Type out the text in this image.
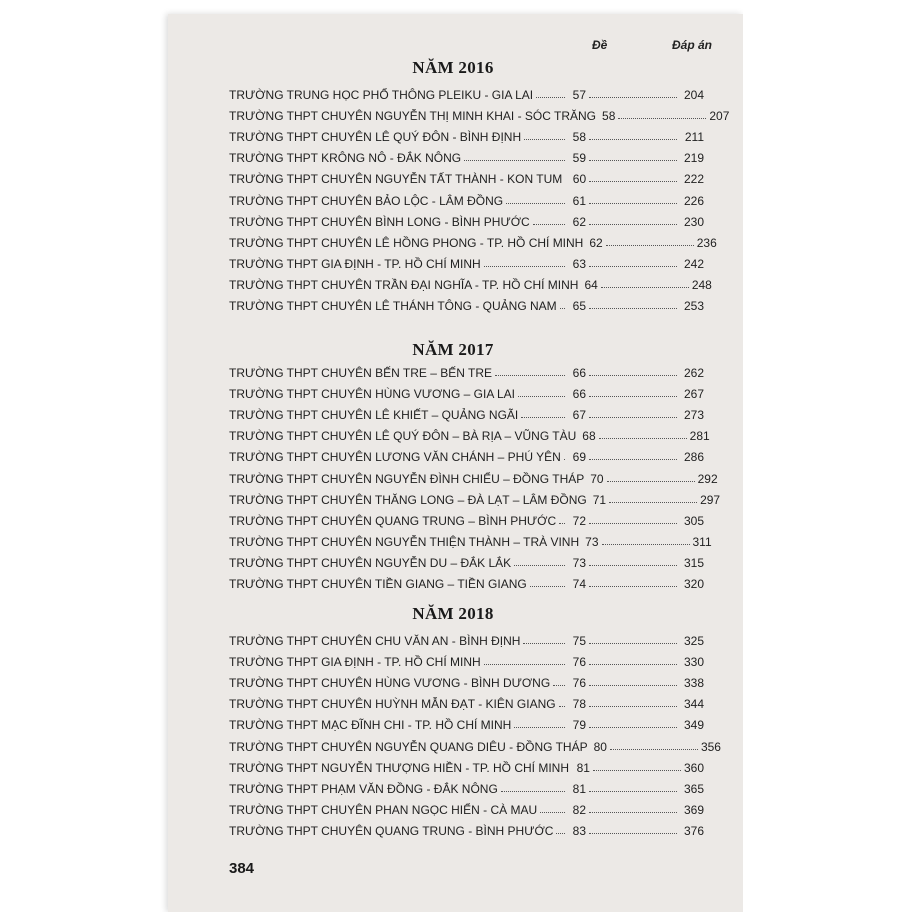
Đề	Đáp án
NĂM 2016
TRƯỜNG TRUNG HỌC PHỔ THÔNG PLEIKU - GIA LAI	57	204
TRƯỜNG THPT CHUYÊN NGUYỄN THỊ MINH KHAI - SÓC TRĂNG 58	207
TRƯỜNG THPT CHUYÊN LÊ QUÝ ĐÔN - BÌNH ĐỊNH	58	211
TRƯỜNG THPT KRÔNG NÔ - ĐẮK NÔNG	59	219
TRƯỜNG THPT CHUYÊN NGUYỄN TẤT THÀNH - KON TUM 60	222
TRƯỜNG THPT CHUYÊN BẢO LỘC - LÂM ĐỒNG	61	226
TRƯỜNG THPT CHUYÊN BÌNH LONG - BÌNH PHƯỚC	62	230
TRƯỜNG THPT CHUYÊN LÊ HỒNG PHONG - TP. HỒ CHÍ MINH 62	236
TRƯỜNG THPT GIA ĐỊNH - TP. HỒ CHÍ MINH	63	242
TRƯỜNG THPT CHUYÊN TRẦN ĐẠI NGHĨA - TP. HỒ CHÍ MINH 64	248
TRƯỜNG THPT CHUYÊN LÊ THÁNH TÔNG - QUẢNG NAM	65	253
NĂM 2017
TRƯỜNG THPT CHUYÊN BẾN TRE – BẾN TRE	66	262
TRƯỜNG THPT CHUYÊN HÙNG VƯƠNG – GIA LAI	66	267
TRƯỜNG THPT CHUYÊN LÊ KHIẾT – QUẢNG NGÃI	67	273
TRƯỜNG THPT CHUYÊN LÊ QUÝ ĐÔN – BÀ RỊA – VŨNG TÀU 68	281
TRƯỜNG THPT CHUYÊN LƯƠNG VĂN CHÁNH – PHÚ YÊN 69	286
TRƯỜNG THPT CHUYÊN NGUYỄN ĐÌNH CHIỂU – ĐỒNG THÁP 70	292
TRƯỜNG THPT CHUYÊN THĂNG LONG – ĐÀ LẠT – LÂM ĐỒNG 71	297
TRƯỜNG THPT CHUYÊN QUANG TRUNG – BÌNH PHƯỚC	72	305
TRƯỜNG THPT CHUYÊN NGUYỄN THIỆN THÀNH – TRÀ VINH 73	311
TRƯỜNG THPT CHUYÊN NGUYỄN DU – ĐẮK LẮK	73	315
TRƯỜNG THPT CHUYÊN TIỀN GIANG – TIỀN GIANG	74	320
NĂM 2018
TRƯỜNG THPT CHUYÊN CHU VĂN AN - BÌNH ĐỊNH	75	325
TRƯỜNG THPT GIA ĐỊNH - TP. HỒ CHÍ MINH	76	330
TRƯỜNG THPT CHUYÊN HÙNG VƯƠNG - BÌNH DƯƠNG	76	338
TRƯỜNG THPT CHUYÊN HUỲNH MẪN ĐẠT - KIÊN GIANG	78	344
TRƯỜNG THPT MẠC ĐĨNH CHI - TP. HỒ CHÍ MINH	79	349
TRƯỜNG THPT CHUYÊN NGUYỄN QUANG DIÊU - ĐỒNG THÁP 80	356
TRƯỜNG THPT NGUYỄN THƯỢNG HIỀN - TP. HỒ CHÍ MINH 81	360
TRƯỜNG THPT PHẠM VĂN ĐỒNG - ĐẮK NÔNG	81	365
TRƯỜNG THPT CHUYÊN PHAN NGỌC HIỂN - CÀ MAU	82	369
TRƯỜNG THPT CHUYÊN QUANG TRUNG - BÌNH PHƯỚC	83	376
384
